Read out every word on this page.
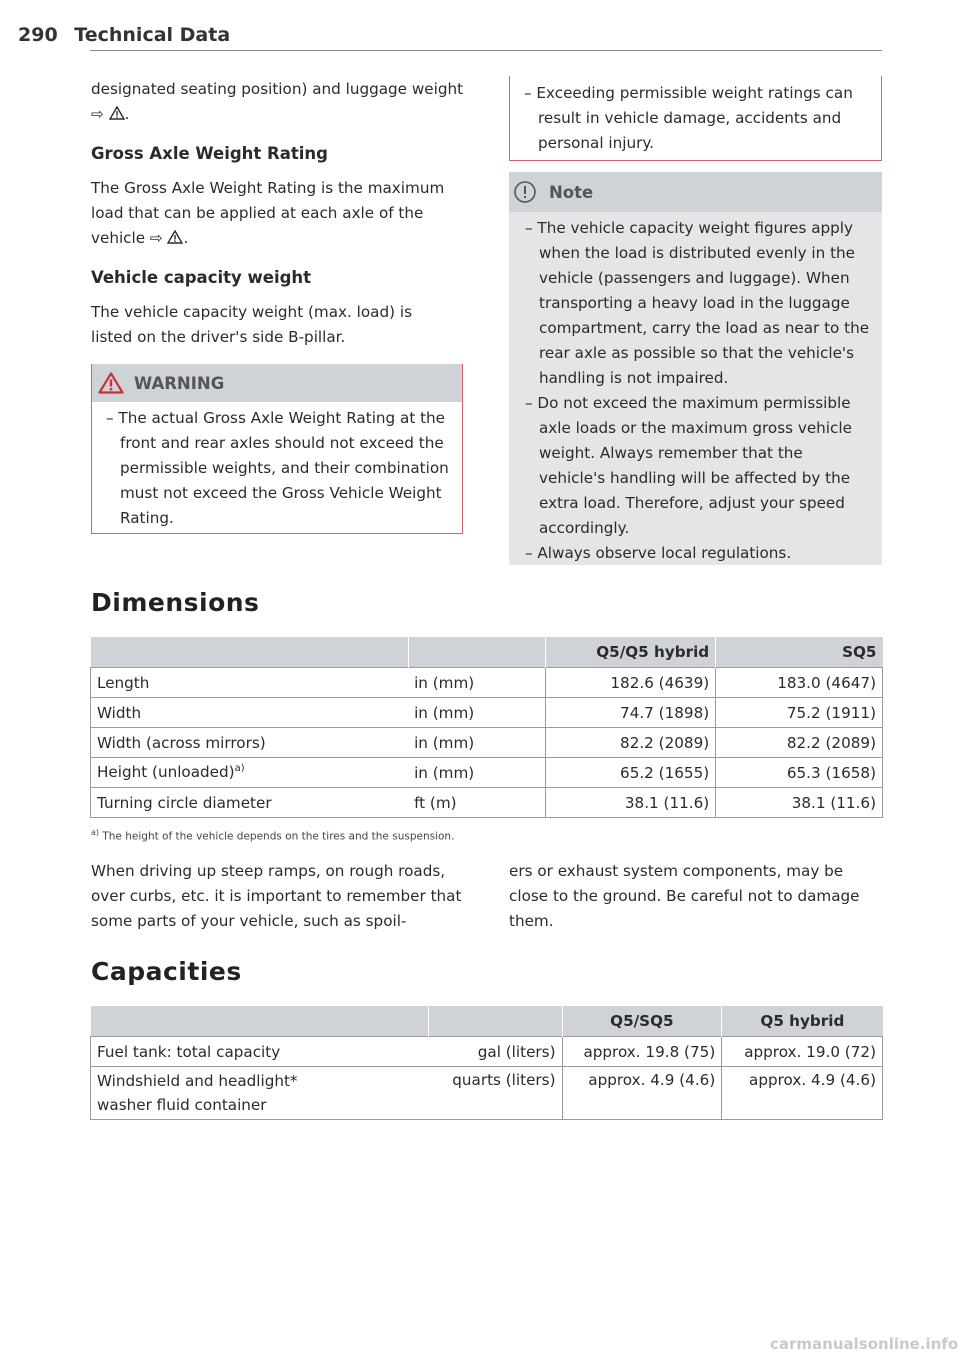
290 Technical Data

designated seating position) and luggage weight ⇨ .

Gross Axle Weight Rating

The Gross Axle Weight Rating is the maximum load that can be applied at each axle of the vehicle ⇨ .

Vehicle capacity weight

The vehicle capacity weight (max. load) is listed on the driver's side B-pillar.

WARNING
– The actual Gross Axle Weight Rating at the front and rear axles should not exceed the permissible weights, and their combination must not exceed the Gross Vehicle Weight Rating.
– Exceeding permissible weight ratings can result in vehicle damage, accidents and personal injury.
Note
– The vehicle capacity weight figures apply when the load is distributed evenly in the vehicle (passengers and luggage). When transporting a heavy load in the luggage compartment, carry the load as near to the rear axle as possible so that the vehicle's handling is not impaired.
– Do not exceed the maximum permissible axle loads or the maximum gross vehicle weight. Always remember that the vehicle's handling will be affected by the extra load. Therefore, adjust your speed accordingly.
– Always observe local regulations.
Dimensions
		Q5/Q5 hybrid	SQ5
Length	in (mm)	182.6 (4639)	183.0 (4647)
Width	in (mm)	74.7 (1898)	75.2 (1911)
Width (across mirrors)	in (mm)	82.2 (2089)	82.2 (2089)
Height (unloaded)$^{a)}$	in (mm)	65.2 (1655)	65.3 (1658)
Turning circle diameter	ft (m)	38.1 (11.6)	38.1 (11.6)
$^{a)}$ The height of the vehicle depends on the tires and the suspension.

When driving up steep ramps, on rough roads, over curbs, etc. it is important to remember that some parts of your vehicle, such as spoil-

ers or exhaust system components, may be close to the ground. Be careful not to damage them.

Capacities
		Q5/SQ5	Q5 hybrid
Fuel tank: total capacity	gal (liters)	approx. 19.8 (75)	approx. 19.0 (72)

Windshield and headlight* washer fluid container	quarts (liters)	approx. 4.9 (4.6)	approx. 4.9 (4.6)
carmanualsonline.info
